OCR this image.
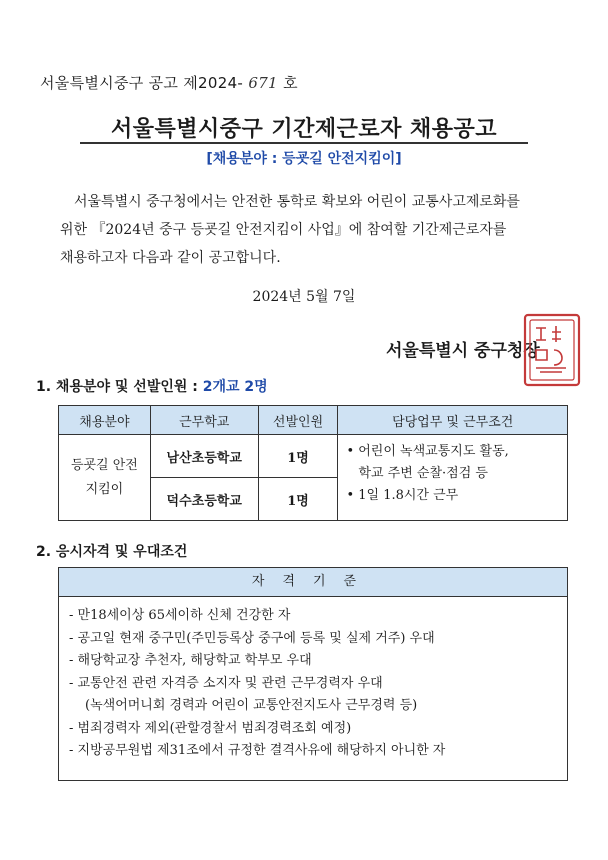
서울특별시중구 공고 제2024- 671 호
서울특별시중구 기간제근로자 채용공고
[채용분야 : 등굣길 안전지킴이]

서울특별시 중구청에서는 안전한 통학로 확보와 어린이 교통사고제로화를

위한 『2024년 중구 등굣길 안전지킴이 사업』에 참여할 기간제근로자를

채용하고자 다음과 같이 공고합니다.

2024년 5월 7일
서울특별시 중구청장
1. 채용분야 및 선발인원 : 2개교 2명
채용분야	근무학교	선발인원	담당업무 및 근무조건
등굣길 안전지킴이	남산초등학교	1명	• 어린이 녹색교통지도 활동,
학교 주변 순찰·점검 등
• 1일 1.8시간 근무

	덕수초등학교	1명	
2. 응시자격 및 우대조건
자격기준
- 만18세이상 65세이하 신체 건강한 자
- 공고일 현재 중구민(주민등록상 중구에 등록 및 실제 거주) 우대
- 해당학교장 추천자, 해당학교 학부모 우대
- 교통안전 관련 자격증 소지자 및 관련 근무경력자 우대
(녹색어머니회 경력과 어린이 교통안전지도사 근무경력 등)
- 범죄경력자 제외(관할경찰서 범죄경력조회 예정)
- 지방공무원법 제31조에서 규정한 결격사유에 해당하지 아니한 자
